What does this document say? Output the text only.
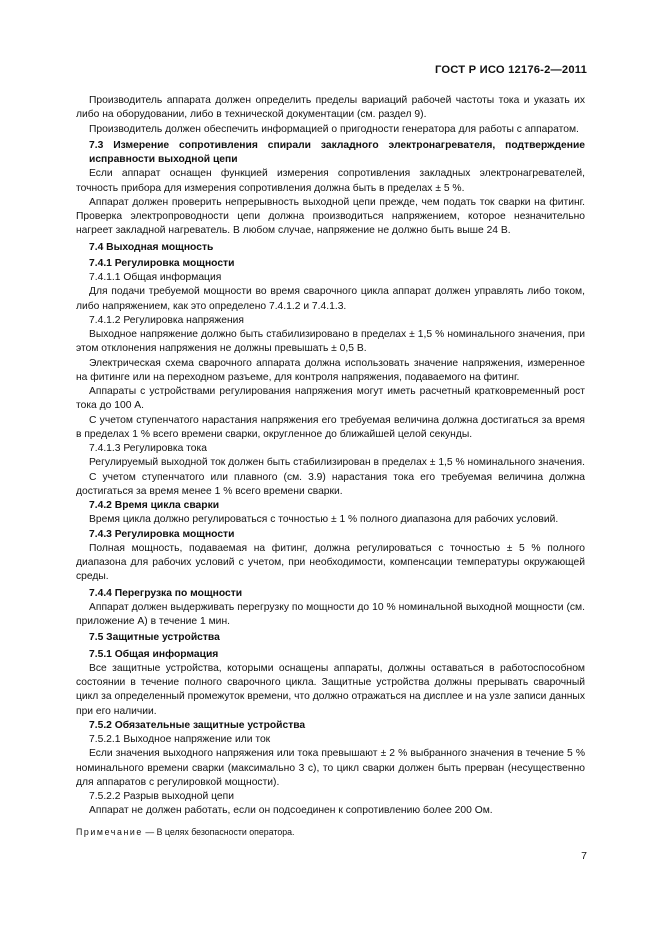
ГОСТ Р ИСО 12176-2—2011

Производитель аппарата должен определить пределы вариаций рабочей частоты тока и указать их либо на оборудовании, либо в технической документации (см. раздел 9).

Производитель должен обеспечить информацией о пригодности генератора для работы с аппаратом.

7.3 Измерение сопротивления спирали закладного электронагревателя, подтверждение исправности выходной цепи

Если аппарат оснащен функцией измерения сопротивления закладных электронагревателей, точность прибора для измерения сопротивления должна быть в пределах ± 5 %.

Аппарат должен проверить непрерывность выходной цепи прежде, чем подать ток сварки на фитинг. Проверка электропроводности цепи должна производиться напряжением, которое незначительно нагреет закладной нагреватель. В любом случае, напряжение не должно быть выше 24 В.

7.4 Выходная мощность

7.4.1 Регулировка мощности

7.4.1.1 Общая информация

Для подачи требуемой мощности во время сварочного цикла аппарат должен управлять либо током, либо напряжением, как это определено 7.4.1.2 и 7.4.1.3.

7.4.1.2 Регулировка напряжения

Выходное напряжение должно быть стабилизировано в пределах ± 1,5 % номинального значения, при этом отклонения напряжения не должны превышать ± 0,5 В.

Электрическая схема сварочного аппарата должна использовать значение напряжения, измеренное на фитинге или на переходном разъеме, для контроля напряжения, подаваемого на фитинг.

Аппараты с устройствами регулирования напряжения могут иметь расчетный кратковременный рост тока до 100 А.

С учетом ступенчатого нарастания напряжения его требуемая величина должна достигаться за время в пределах 1 % всего времени сварки, округленное до ближайшей целой секунды.

7.4.1.3 Регулировка тока

Регулируемый выходной ток должен быть стабилизирован в пределах ± 1,5 % номинального значения.

С учетом ступенчатого или плавного (см. 3.9) нарастания тока его требуемая величина должна достигаться за время менее 1 % всего времени сварки.

7.4.2 Время цикла сварки

Время цикла должно регулироваться с точностью ± 1 % полного диапазона для рабочих условий.

7.4.3 Регулировка мощности

Полная мощность, подаваемая на фитинг, должна регулироваться с точностью ± 5 % полного диапазона для рабочих условий с учетом, при необходимости, компенсации температуры окружающей среды.

7.4.4 Перегрузка по мощности

Аппарат должен выдерживать перегрузку по мощности до 10 % номинальной выходной мощности (см. приложение А) в течение 1 мин.

7.5 Защитные устройства

7.5.1 Общая информация

Все защитные устройства, которыми оснащены аппараты, должны оставаться в работоспособном состоянии в течение полного сварочного цикла. Защитные устройства должны прерывать сварочный цикл за определенный промежуток времени, что должно отражаться на дисплее и на узле записи данных при его наличии.

7.5.2 Обязательные защитные устройства

7.5.2.1 Выходное напряжение или ток

Если значения выходного напряжения или тока превышают ± 2 % выбранного значения в течение 5 % номинального времени сварки (максимально 3 с), то цикл сварки должен быть прерван (несущественно для аппаратов с регулировкой мощности).

7.5.2.2 Разрыв выходной цепи

Аппарат не должен работать, если он подсоединен к сопротивлению более 200 Ом.

Примечание — В целях безопасности оператора.

7
